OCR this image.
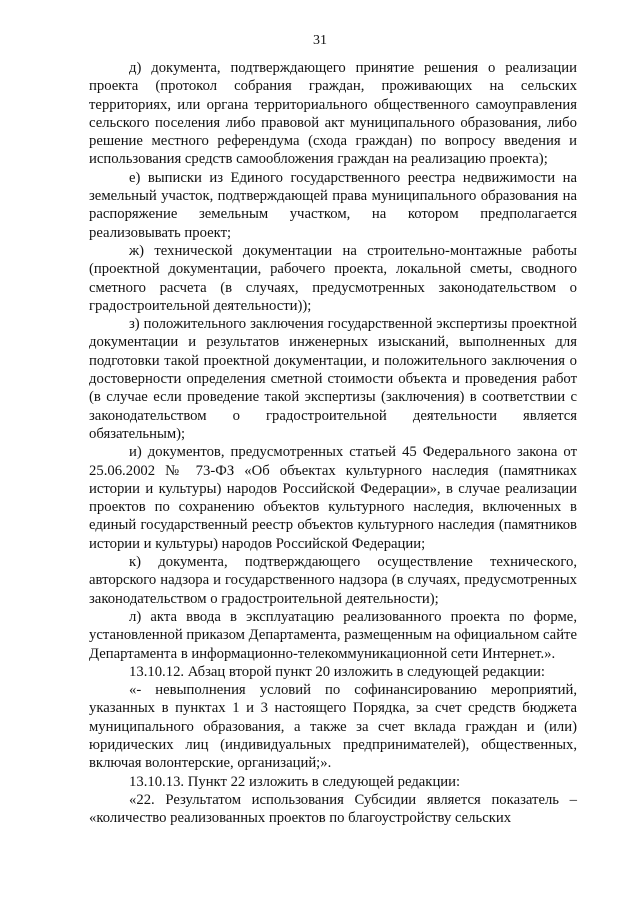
31

д) документа, подтверждающего принятие решения о реализации проекта (протокол собрания граждан, проживающих на сельских территориях, или органа территориального общественного самоуправления сельского поселения либо правовой акт муниципального образования, либо решение местного референдума (схода граждан) по вопросу введения и использования средств самообложения граждан на реализацию проекта);

е) выписки из Единого государственного реестра недвижимости на земельный участок, подтверждающей права муниципального образования на распоряжение земельным участком, на котором предполагается реализовывать проект;

ж) технической документации на строительно-монтажные работы (проектной документации, рабочего проекта, локальной сметы, сводного сметного расчета (в случаях, предусмотренных законодательством о градостроительной деятельности));

з) положительного заключения государственной экспертизы проектной документации и результатов инженерных изысканий, выполненных для подготовки такой проектной документации, и положительного заключения о достоверности определения сметной стоимости объекта и проведения работ (в случае если проведение такой экспертизы (заключения) в соответствии с законодательством о градостроительной деятельности является обязательным);

и) документов, предусмотренных статьей 45 Федерального закона от 25.06.2002 № 73-ФЗ «Об объектах культурного наследия (памятниках истории и культуры) народов Российской Федерации», в случае реализации проектов по сохранению объектов культурного наследия, включенных в единый государственный реестр объектов культурного наследия (памятников истории и культуры) народов Российской Федерации;

к) документа, подтверждающего осуществление технического, авторского надзора и государственного надзора (в случаях, предусмотренных законодательством о градостроительной деятельности);

л) акта ввода в эксплуатацию реализованного проекта по форме, установленной приказом Департамента, размещенным на официальном сайте Департамента в информационно-телекоммуникационной сети Интернет.».

13.10.12. Абзац второй пункт 20 изложить в следующей редакции:

«- невыполнения условий по софинансированию мероприятий, указанных в пунктах 1 и 3 настоящего Порядка, за счет средств бюджета муниципального образования, а также за счет вклада граждан и (или) юридических лиц (индивидуальных предпринимателей), общественных, включая волонтерские, организаций;».

13.10.13. Пункт 22 изложить в следующей редакции:

«22. Результатом использования Субсидии является показатель – «количество реализованных проектов по благоустройству сельских
